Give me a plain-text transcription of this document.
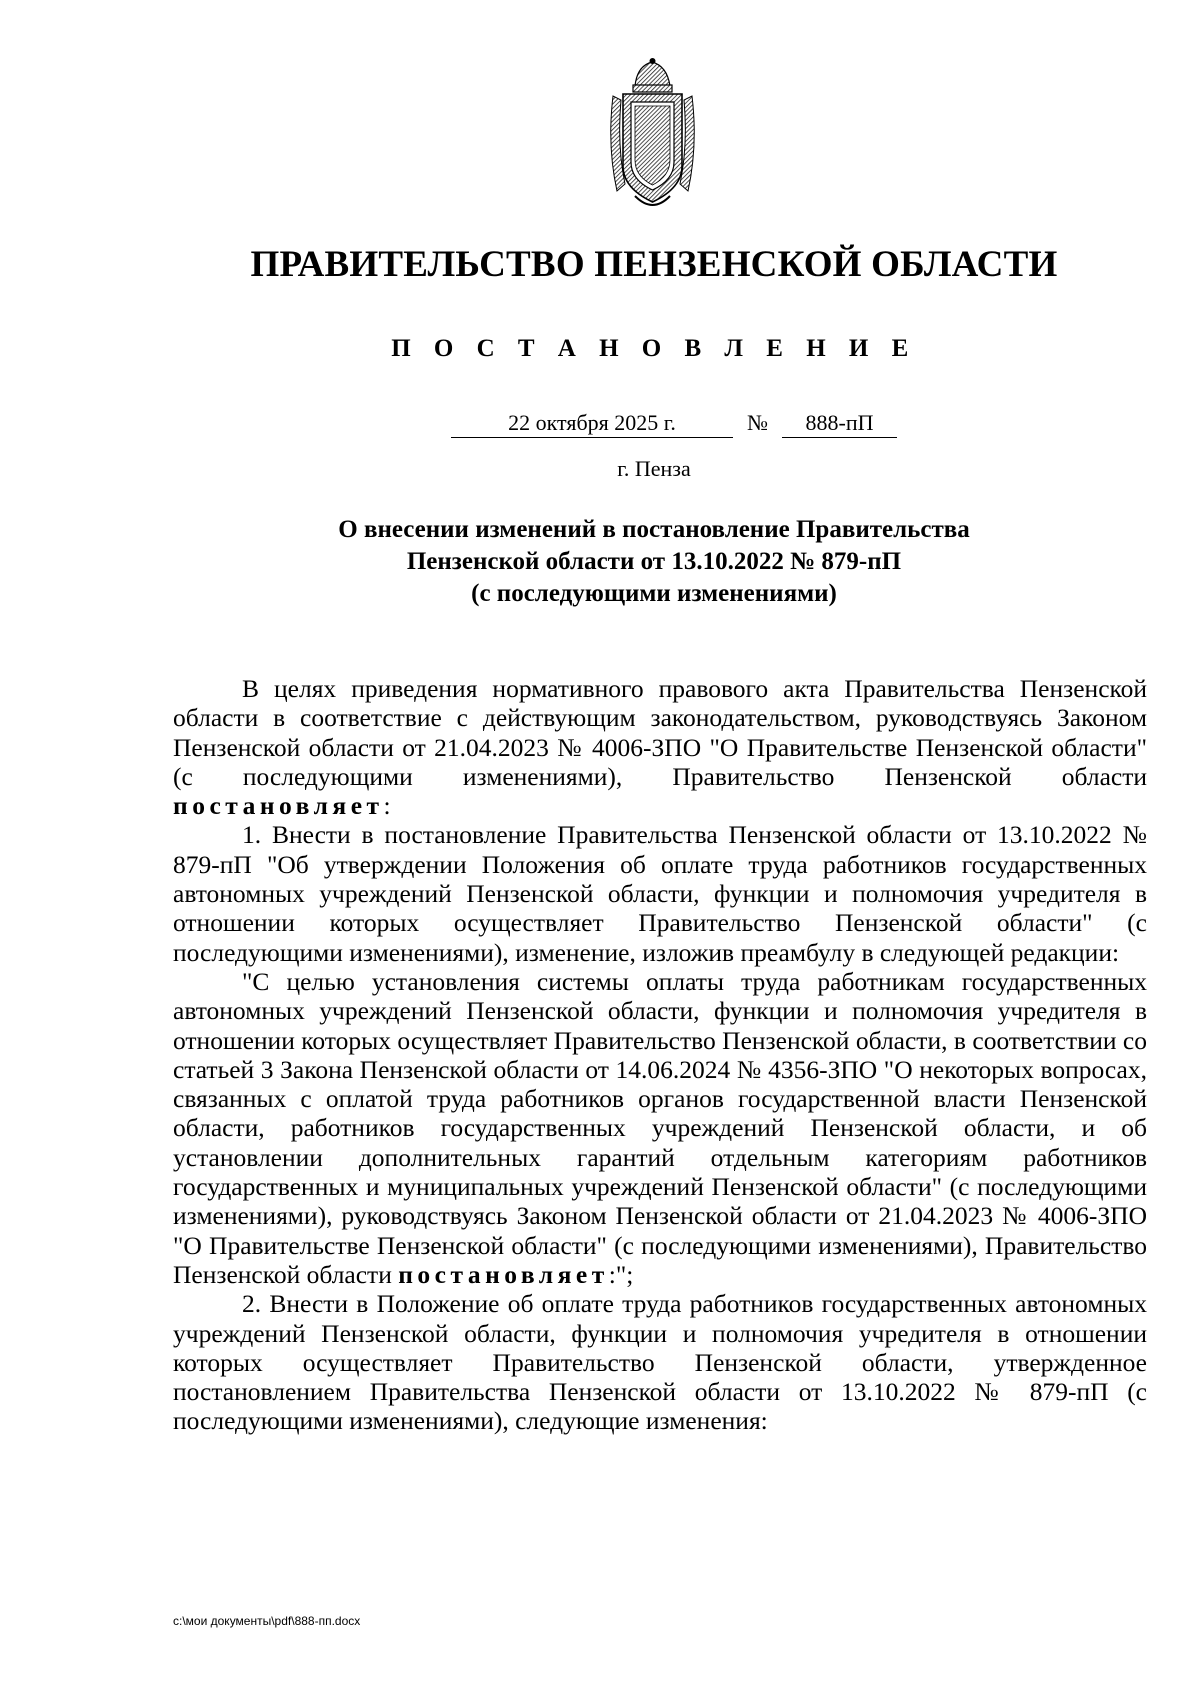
ПРАВИТЕЛЬСТВО ПЕНЗЕНСКОЙ ОБЛАСТИ
П О С Т А Н О В Л Е Н И Е
22 октября 2025 г.	№	888-пП
г. Пенза
О внесении изменений в постановление Правительства
Пензенской области от 13.10.2022 № 879-пП
(с последующими изменениями)

В целях приведения нормативного правового акта Правительства Пензенской области в соответствие с действующим законодательством, руководствуясь Законом Пензенской области от 21.04.2023 № 4006-ЗПО "О Правительстве Пензенской области" (с последующими изменениями), Правительство Пензенской области постановляет:

1. Внести в постановление Правительства Пензенской области от 13.10.2022 № 879-пП "Об утверждении Положения об оплате труда работников государственных автономных учреждений Пензенской области, функции и полномочия учредителя в отношении которых осуществляет Правительство Пензенской области" (с последующими изменениями), изменение, изложив преамбулу в следующей редакции:

"С целью установления системы оплаты труда работникам государственных автономных учреждений Пензенской области, функции и полномочия учредителя в отношении которых осуществляет Правительство Пензенской области, в соответствии со статьей 3 Закона Пензенской области от 14.06.2024 № 4356-ЗПО "О некоторых вопросах, связанных с оплатой труда работников органов государственной власти Пензенской области, работников государственных учреждений Пензенской области, и об установлении дополнительных гарантий отдельным категориям работников государственных и муниципальных учреждений Пензенской области" (с последующими изменениями), руководствуясь Законом Пензенской области от 21.04.2023 № 4006-ЗПО "О Правительстве Пензенской области" (с последующими изменениями), Правительство Пензенской области постановляет:";

2. Внести в Положение об оплате труда работников государственных автономных учреждений Пензенской области, функции и полномочия учредителя в отношении которых осуществляет Правительство Пензенской области, утвержденное постановлением Правительства Пензенской области от 13.10.2022 № 879-пП (с последующими изменениями), следующие изменения:

c:\мои документы\pdf\888-пп.docx
